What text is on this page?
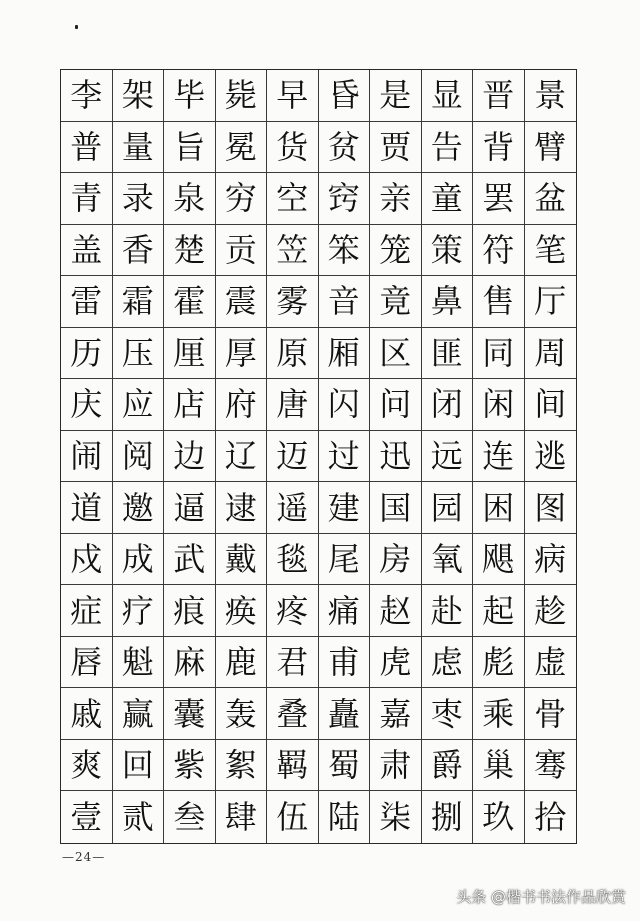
李 架 毕 毙 早 昏 是 显 晋 景
普 量 旨 冕 货 贫 贾 告 背 臂
青 录 泉 穷 空 窍 亲 童 罢 盆
盖 香 楚 贡 笠 笨 笼 策 符 笔
雷 霜 霍 震 雾 音 竟 鼻 售 厅
历 压 厘 厚 原 厢 区 匪 同 周
庆 应 店 府 唐 闪 问 闭 闲 间
闹 阅 边 辽 迈 过 迅 远 连 逃
道 邀 逼 逮 遥 建 国 园 困 图
戍 成 武 戴 毯 尾 房 氧 飓 病
症 疗 痕 痪 疼 痛 赵 赴 起 趁
唇 魁 麻 鹿 君 甫 虎 虑 彪 虚
戚 赢 囊 轰 叠 矗 嘉 枣 乘 骨
爽 回 紫 絮 羁 蜀 肃 爵 巢 骞
壹 贰 叁 肆 伍 陆 柒 捌 玖 拾
—24—
头条 @楷书书法作品欣赏
